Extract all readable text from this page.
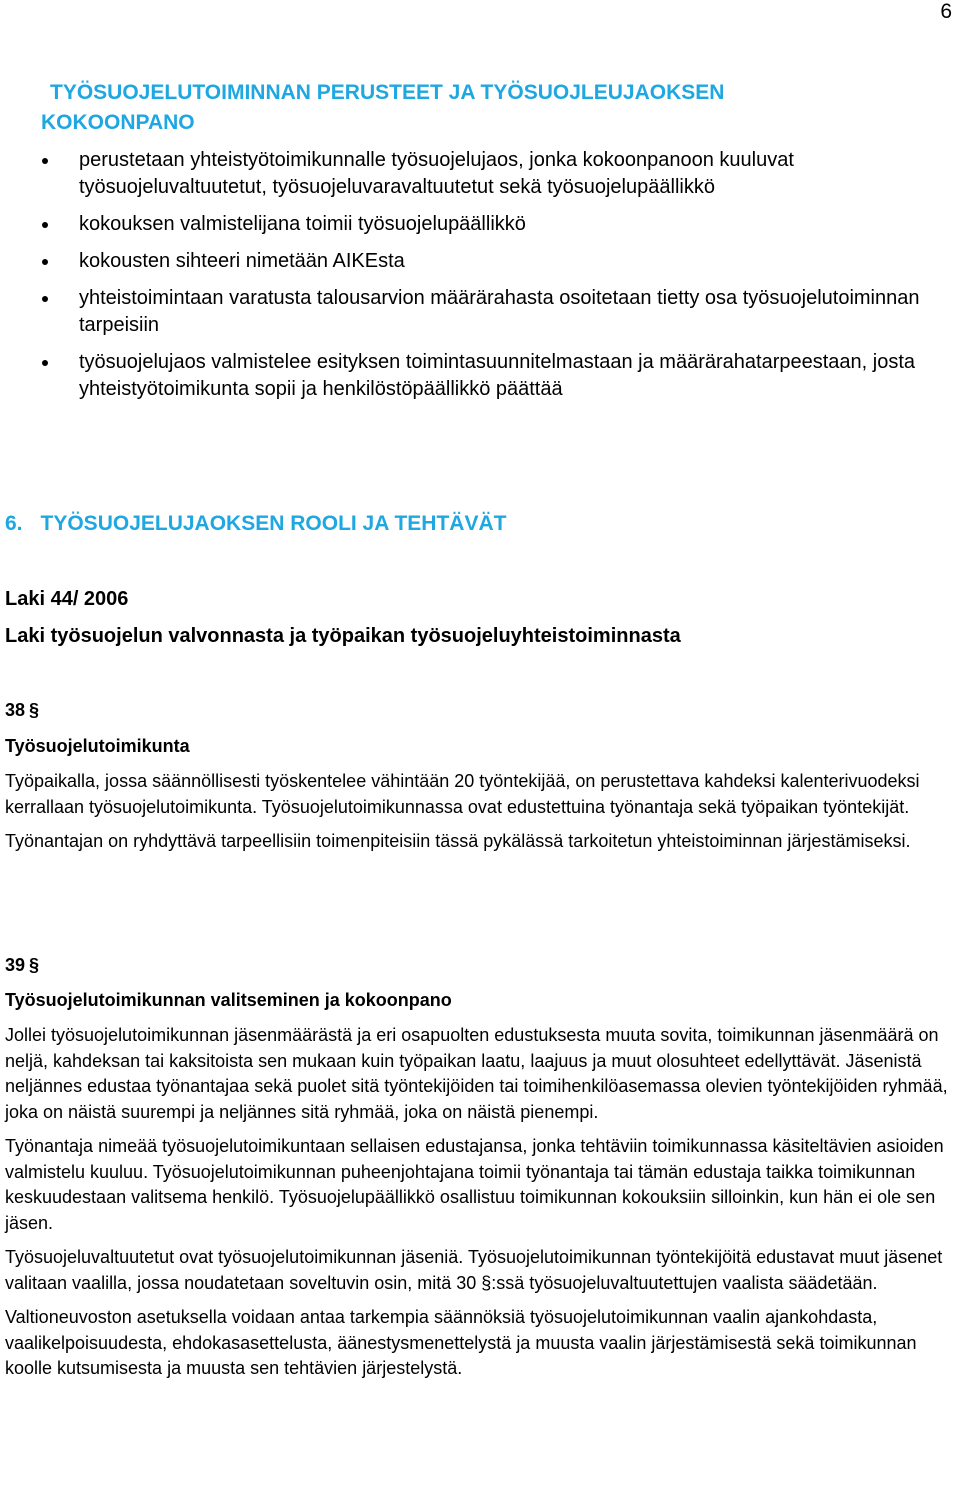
6
TYÖSUOJELUTOIMINNAN PERUSTEET JA TYÖSUOJLEUJAOKSEN
KOKOONPANO
perustetaan yhteistyötoimikunnalle työsuojelujaos, jonka kokoonpanoon kuuluvat työsuojeluvaltuutetut, työsuojeluvaravaltuutetut sekä työsuojelupäällikkö
kokouksen valmistelijana toimii työsuojelupäällikkö
kokousten sihteeri nimetään AIKEsta
yhteistoimintaan varatusta talousarvion määrärahasta osoitetaan tietty osa työsuojelutoiminnan tarpeisiin
työsuojelujaos valmistelee esityksen toimintasuunnitelmastaan ja määrärahatarpeestaan, josta yhteistyötoimikunta sopii ja henkilöstöpäällikkö päättää
6. TYÖSUOJELUJAOKSEN ROOLI JA TEHTÄVÄT
Laki 44/ 2006
Laki työsuojelun valvonnasta ja työpaikan työsuojeluyhteistoiminnasta
38 §
Työsuojelutoimikunta

Työpaikalla, jossa säännöllisesti työskentelee vähintään 20 työntekijää, on perustettava kahdeksi kalenterivuodeksi kerrallaan työsuojelutoimikunta. Työsuojelutoimikunnassa ovat edustettuina työnantaja sekä työpaikan työntekijät.

Työnantajan on ryhdyttävä tarpeellisiin toimenpiteisiin tässä pykälässä tarkoitetun yhteistoiminnan järjestämiseksi.

39 §
Työsuojelutoimikunnan valitseminen ja kokoonpano

Jollei työsuojelutoimikunnan jäsenmäärästä ja eri osapuolten edustuksesta muuta sovita, toimikunnan jäsenmäärä on neljä, kahdeksan tai kaksitoista sen mukaan kuin työpaikan laatu, laajuus ja muut olosuhteet edellyttävät. Jäsenistä neljännes edustaa työnantajaa sekä puolet sitä työntekijöiden tai toimihenkilöasemassa olevien työntekijöiden ryhmää, joka on näistä suurempi ja neljännes sitä ryhmää, joka on näistä pienempi.

Työnantaja nimeää työsuojelutoimikuntaan sellaisen edustajansa, jonka tehtäviin toimikunnassa käsiteltävien asioiden valmistelu kuuluu. Työsuojelutoimikunnan puheenjohtajana toimii työnantaja tai tämän edustaja taikka toimikunnan keskuudestaan valitsema henkilö. Työsuojelupäällikkö osallistuu toimikunnan kokouksiin silloinkin, kun hän ei ole sen jäsen.

Työsuojeluvaltuutetut ovat työsuojelutoimikunnan jäseniä. Työsuojelutoimikunnan työntekijöitä edustavat muut jäsenet valitaan vaalilla, jossa noudatetaan soveltuvin osin, mitä 30 §:ssä työsuojeluvaltuutettujen vaalista säädetään.

Valtioneuvoston asetuksella voidaan antaa tarkempia säännöksiä työsuojelutoimikunnan vaalin ajankohdasta, vaalikelpoisuudesta, ehdokasasettelusta, äänestysmenettelystä ja muusta vaalin järjestämisestä sekä toimikunnan koolle kutsumisesta ja muusta sen tehtävien järjestelystä.
